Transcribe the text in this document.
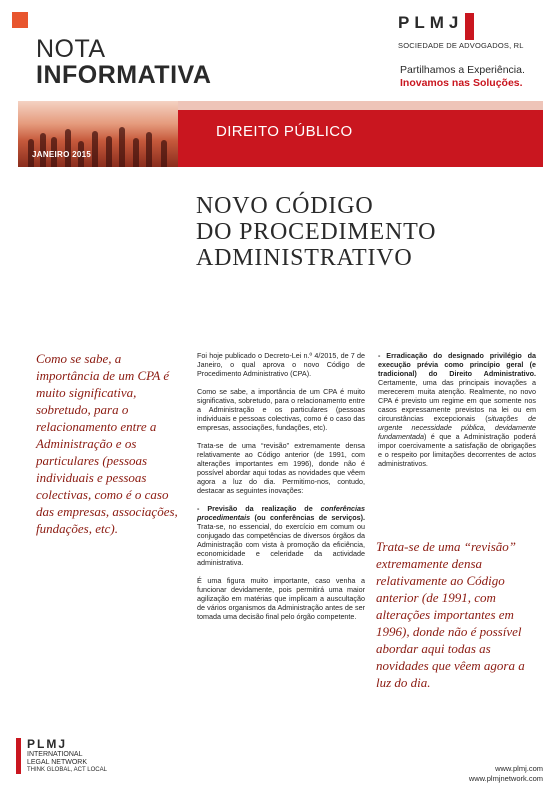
NOTA
INFORMATIVA
PLMJ
SOCIEDADE DE ADVOGADOS, RL
Partilhamos a Experiência.
Inovamos nas Soluções.
DIREITO PÚBLICO
JANEIRO 2015
NOVO CÓDIGO
DO PROCEDIMENTO
ADMINISTRATIVO
Como se sabe, a importância de um CPA é muito significativa, sobretudo, para o relacionamento entre a Administração e os particulares (pessoas individuais e pessoas colectivas, como é o caso das empresas, associações, fundações, etc).

Foi hoje publicado o Decreto-Lei n.º 4/2015, de 7 de Janeiro, o qual aprova o novo Código de Procedimento Administrativo (CPA).

Como se sabe, a importância de um CPA é muito significativa, sobretudo, para o relacionamento entre a Administração e os particulares (pessoas individuais e pessoas colectivas, como é o caso das empresas, associações, fundações, etc).

Trata-se de uma “revisão” extremamente densa relativamente ao Código anterior (de 1991, com alterações importantes em 1996), donde não é possível abordar aqui todas as novidades que vêem agora a luz do dia. Permitimo-nos, contudo, destacar as seguintes inovações:

- Previsão da realização de conferências procedimentais (ou conferências de serviços). Trata-se, no essencial, do exercício em comum ou conjugado das competências de diversos órgãos da Administração com vista à promoção da eficiência, economicidade e celeridade da actividade administrativa.

É uma figura muito importante, caso venha a funcionar devidamente, pois permitirá uma maior agilização em matérias que implicam a auscultação de vários organismos da Administração antes de ser tomada uma decisão final pelo órgão competente.

- Erradicação do designado privilégio da execução prévia como princípio geral (e tradicional) do Direito Administrativo. Certamente, uma das principais inovações a merecerem muita atenção. Realmente, no novo CPA é previsto um regime em que somente nos casos expressamente previstos na lei ou em circunstâncias excepcionais (situações de urgente necessidade pública, devidamente fundamentada) é que a Administração poderá impor coercivamente a satisfação de obrigações e o respeito por limitações decorrentes de actos administrativos.

Trata-se de uma “revisão” extremamente densa relativamente ao Código anterior (de 1991, com alterações importantes em 1996), donde não é possível abordar aqui todas as novidades que vêem agora a luz do dia.
PLMJ
INTERNATIONAL
LEGAL NETWORK
THINK GLOBAL, ACT LOCAL	www.plmj.com
www.plmjnetwork.com
